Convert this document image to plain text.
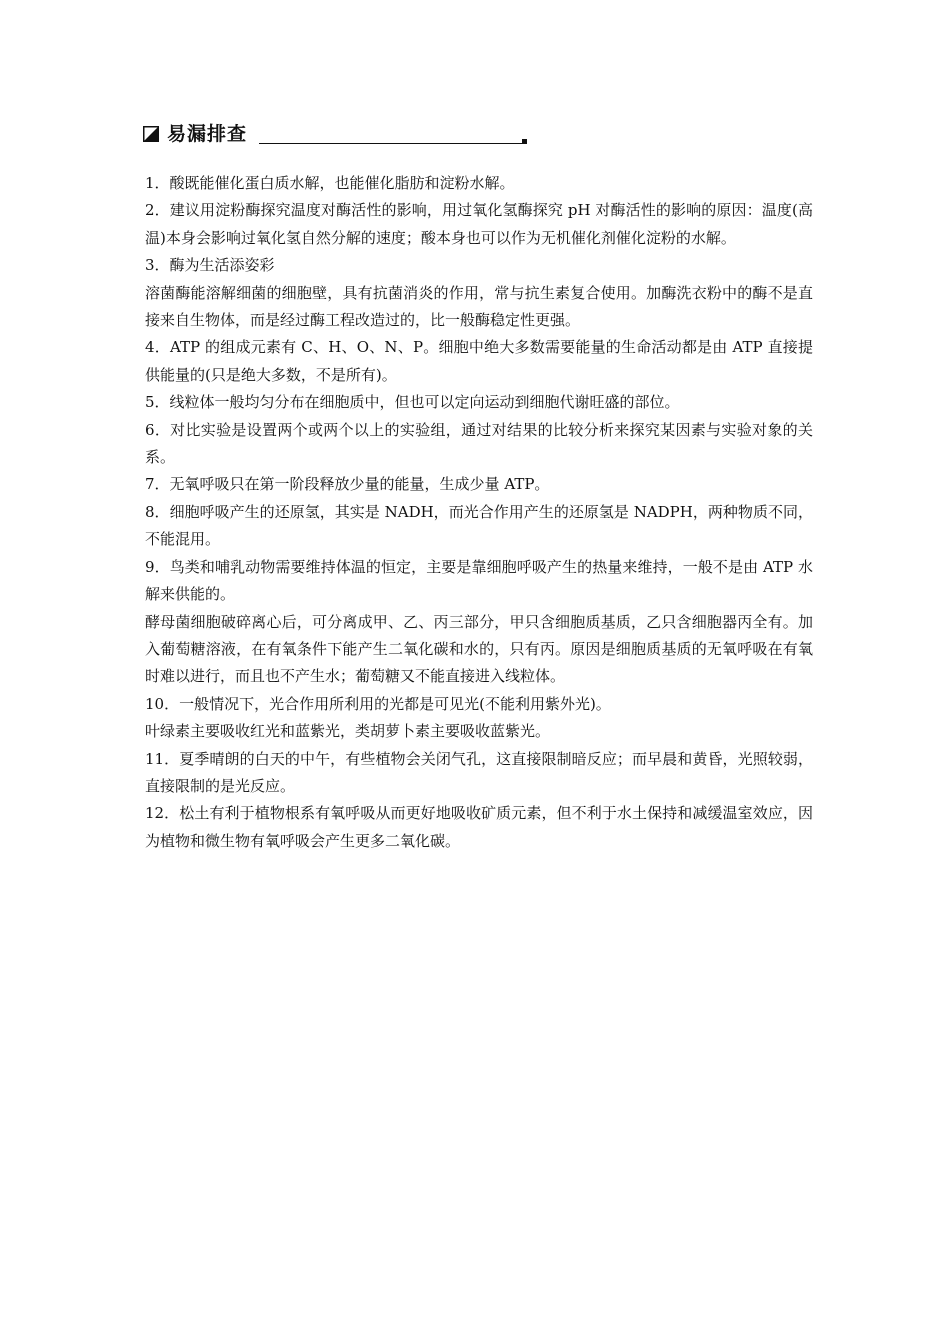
易漏排查

1．酸既能催化蛋白质水解，也能催化脂肪和淀粉水解。

2．建议用淀粉酶探究温度对酶活性的影响，用过氧化氢酶探究 pH 对酶活性的影响的原因：温度(高温)本身会影响过氧化氢自然分解的速度；酸本身也可以作为无机催化剂催化淀粉的水解。

3．酶为生活添姿彩

溶菌酶能溶解细菌的细胞壁，具有抗菌消炎的作用，常与抗生素复合使用。加酶洗衣粉中的酶不是直接来自生物体，而是经过酶工程改造过的，比一般酶稳定性更强。

4．ATP 的组成元素有 C、H、O、N、P。细胞中绝大多数需要能量的生命活动都是由 ATP 直接提供能量的(只是绝大多数，不是所有)。

5．线粒体一般均匀分布在细胞质中，但也可以定向运动到细胞代谢旺盛的部位。

6．对比实验是设置两个或两个以上的实验组，通过对结果的比较分析来探究某因素与实验对象的关系。

7．无氧呼吸只在第一阶段释放少量的能量，生成少量 ATP。

8．细胞呼吸产生的还原氢，其实是 NADH，而光合作用产生的还原氢是 NADPH，两种物质不同，不能混用。

9．鸟类和哺乳动物需要维持体温的恒定，主要是靠细胞呼吸产生的热量来维持，一般不是由 ATP 水解来供能的。

酵母菌细胞破碎离心后，可分离成甲、乙、丙三部分，甲只含细胞质基质，乙只含细胞器丙全有。加入葡萄糖溶液，在有氧条件下能产生二氧化碳和水的，只有丙。原因是细胞质基质的无氧呼吸在有氧时难以进行，而且也不产生水；葡萄糖又不能直接进入线粒体。

10．一般情况下，光合作用所利用的光都是可见光(不能利用紫外光)。

叶绿素主要吸收红光和蓝紫光，类胡萝卜素主要吸收蓝紫光。

11．夏季晴朗的白天的中午，有些植物会关闭气孔，这直接限制暗反应；而早晨和黄昏，光照较弱，直接限制的是光反应。

12．松土有利于植物根系有氧呼吸从而更好地吸收矿质元素，但不利于水土保持和减缓温室效应，因为植物和微生物有氧呼吸会产生更多二氧化碳。
